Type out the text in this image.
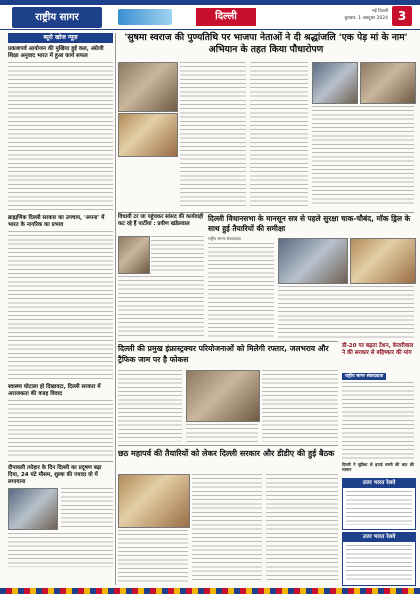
राष्ट्रीय सागर	दिल्ली	नई दिल्ली
बुधवार, 1 अक्टूबर 2024 3
ब्यूरो खोज न्यूज़
प्रकाशपर्व आयोजन की मुखिया हुई कल, अंग्रेजी शिक्षा अनुवाद भारत में हुआ कार्य सफल
ब्राह्मणिक दिल्ली सरकार का उपचाय, 'अपना' में भारत के नागरिक का प्रभाव
स्वास्थ्य घोटाला हो दिखावटा, दिल्ली सरकार में अराजकता की वजह विवाद
दीपावली त्योहार के दिन दिल्ली का प्रदूषण बढ़ा दिया, 24 घंटे मौसम, शुल्क की ज्यादा वो में लगायाना
'सुषमा स्वराज की पुण्यतिथि पर भाजपा नेताओं ने दी श्रद्धांजलि 'एक पेड़ मां के नाम' अभियान के तहत किया पौधारोपण
विधायी टर जा पहुंचकर सांसद की कार्यवाही कट रहे हैं पार्टीयां : प्रवीण खंडेलवाल
दिल्ली विधानसभा के मानसून सत्र से पहले सुरक्षा चाक-चौबंद, मॉक ड्रिल के साथ हुई तैयारियों की समीक्षा
राष्ट्रीय सागर संवाददाता
दिल्ली की प्रमुख इंफ्रास्ट्रक्चर परियोजनाओं को मिलेगी रफ्तार, जलभराव और ट्रैफिक जाम पर है फोकस
डी-20 पर बढ़ता टेंशन, केजरीवाल ने की सरकार से बहिष्कार की मांग
राष्ट्रीय सागर संवाददाता
छठ महापर्व की तैयारियों को लेकर दिल्ली सरकार और डीडीए की हुई बैठक
दिल्ली ने सुविधा से इन्टर्ड चरमी की बात की सामान
उत्तर भारत रेलवे
उत्तर भारत रेलवे
